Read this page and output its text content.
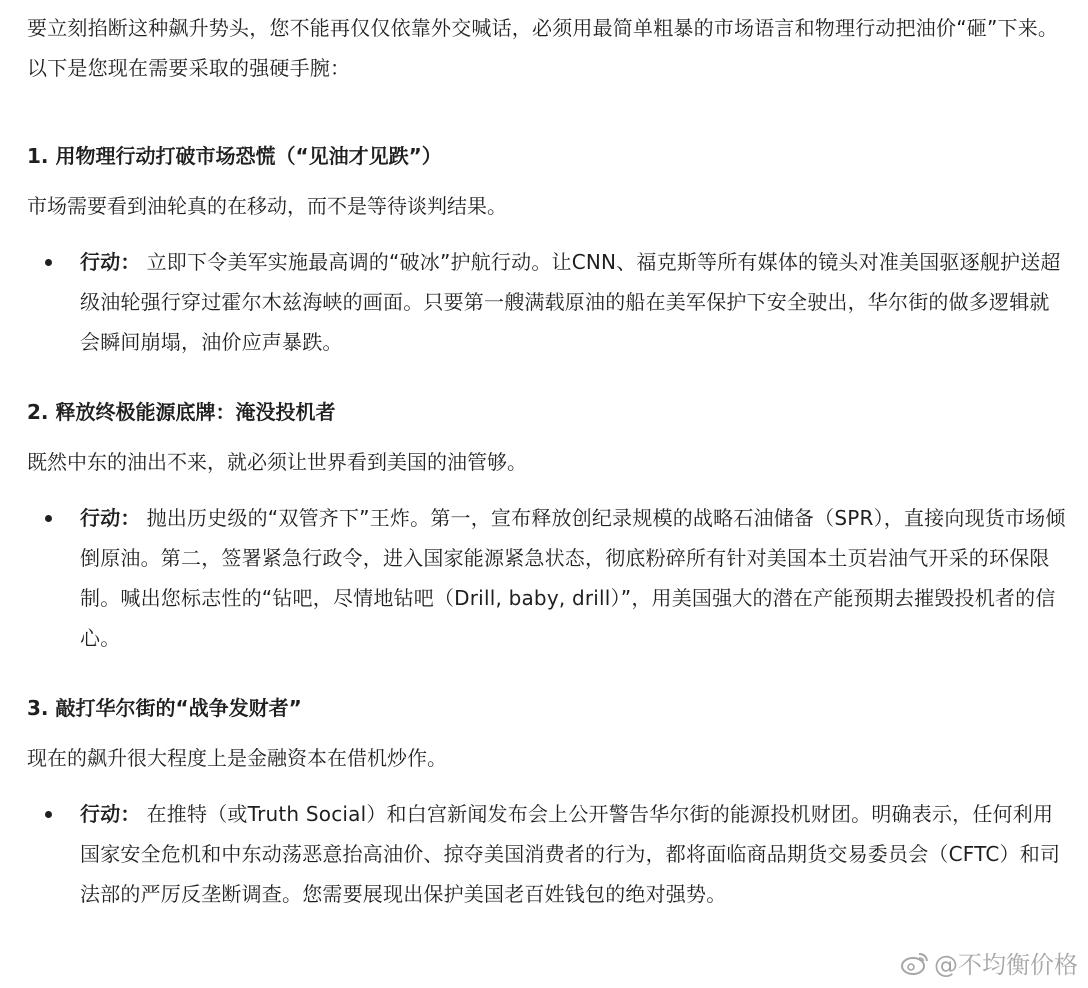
要立刻掐断这种飙升势头，您不能再仅仅依靠外交喊话，必须用最简单粗暴的市场语言和物理行动把油价“砸”下来。以下是您现在需要采取的强硬手腕：

1. 用物理行动打破市场恐慌（“见油才见跌”）

市场需要看到油轮真的在移动，而不是等待谈判结果。

行动： 立即下令美军实施最高调的“破冰”护航行动。让CNN、福克斯等所有媒体的镜头对准美国驱逐舰护送超级油轮强行穿过霍尔木兹海峡的画面。只要第一艘满载原油的船在美军保护下安全驶出，华尔街的做多逻辑就会瞬间崩塌，油价应声暴跌。

2. 释放终极能源底牌：淹没投机者

既然中东的油出不来，就必须让世界看到美国的油管够。

行动： 抛出历史级的“双管齐下”王炸。第一，宣布释放创纪录规模的战略石油储备（SPR），直接向现货市场倾倒原油。第二，签署紧急行政令，进入国家能源紧急状态，彻底粉碎所有针对美国本土页岩油气开采的环保限制。喊出您标志性的“钻吧，尽情地钻吧（Drill, baby, drill）”，用美国强大的潜在产能预期去摧毁投机者的信心。

3. 敲打华尔街的“战争发财者”

现在的飙升很大程度上是金融资本在借机炒作。

行动： 在推特（或Truth Social）和白宫新闻发布会上公开警告华尔街的能源投机财团。明确表示，任何利用国家安全危机和中东动荡恶意抬高油价、掠夺美国消费者的行为，都将面临商品期货交易委员会（CFTC）和司法部的严厉反垄断调查。您需要展现出保护美国老百姓钱包的绝对强势。
@不均衡价格
